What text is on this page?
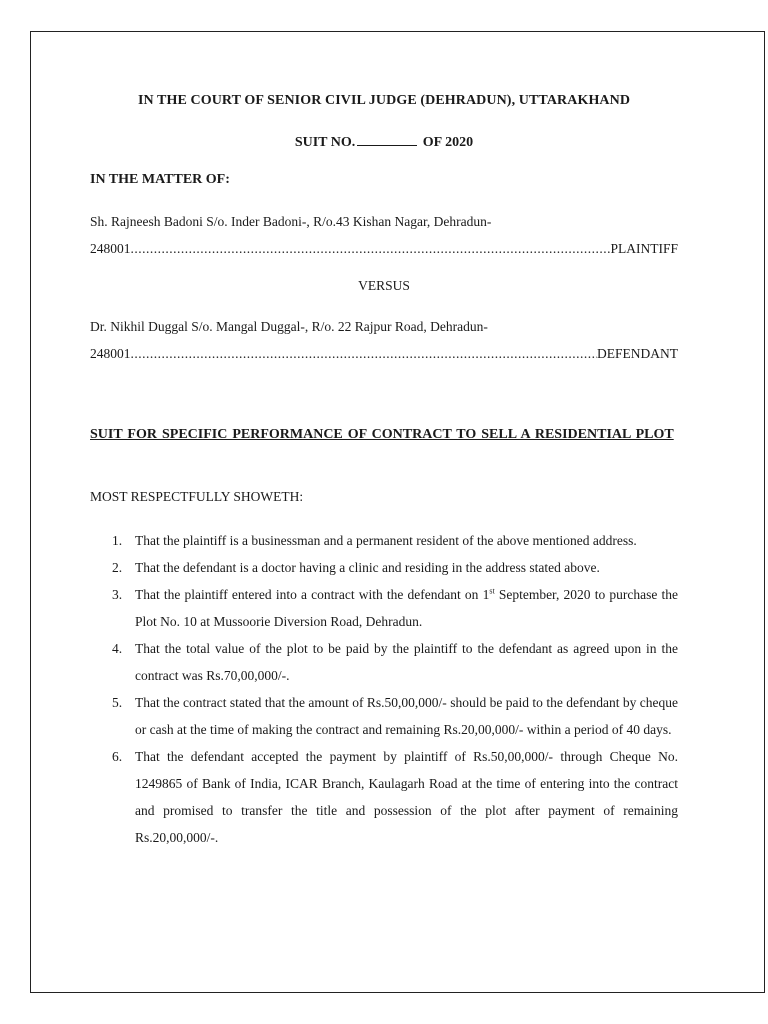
IN THE COURT OF SENIOR CIVIL JUDGE (DEHRADUN), UTTARAKHAND
SUIT NO.	OF 2020
IN THE MATTER OF:
Sh. Rajneesh Badoni S/o. Inder Badoni-, R/o.43 Kishan Nagar, Dehradun-
248001 .....	PLAINTIFF
VERSUS
Dr. Nikhil Duggal S/o. Mangal Duggal-, R/o. 22 Rajpur Road, Dehradun-
248001 .....	DEFENDANT
SUIT FOR SPECIFIC PERFORMANCE OF CONTRACT TO SELL A RESIDENTIAL PLOT
MOST RESPECTFULLY SHOWETH:
1. That the plaintiff is a businessman and a permanent resident of the above mentioned address.
2. That the defendant is a doctor having a clinic and residing in the address stated above.
3. That the plaintiff entered into a contract with the defendant on 1st September, 2020 to purchase the Plot No. 10 at Mussoorie Diversion Road, Dehradun.
4. That the total value of the plot to be paid by the plaintiff to the defendant as agreed upon in the contract was Rs.70,00,000/-.
5. That the contract stated that the amount of Rs.50,00,000/- should be paid to the defendant by cheque or cash at the time of making the contract and remaining Rs.20,00,000/- within a period of 40 days.
6. That the defendant accepted the payment by plaintiff of Rs.50,00,000/- through Cheque No. 1249865 of Bank of India, ICAR Branch, Kaulagarh Road at the time of entering into the contract and promised to transfer the title and possession of the plot after payment of remaining Rs.20,00,000/-.
